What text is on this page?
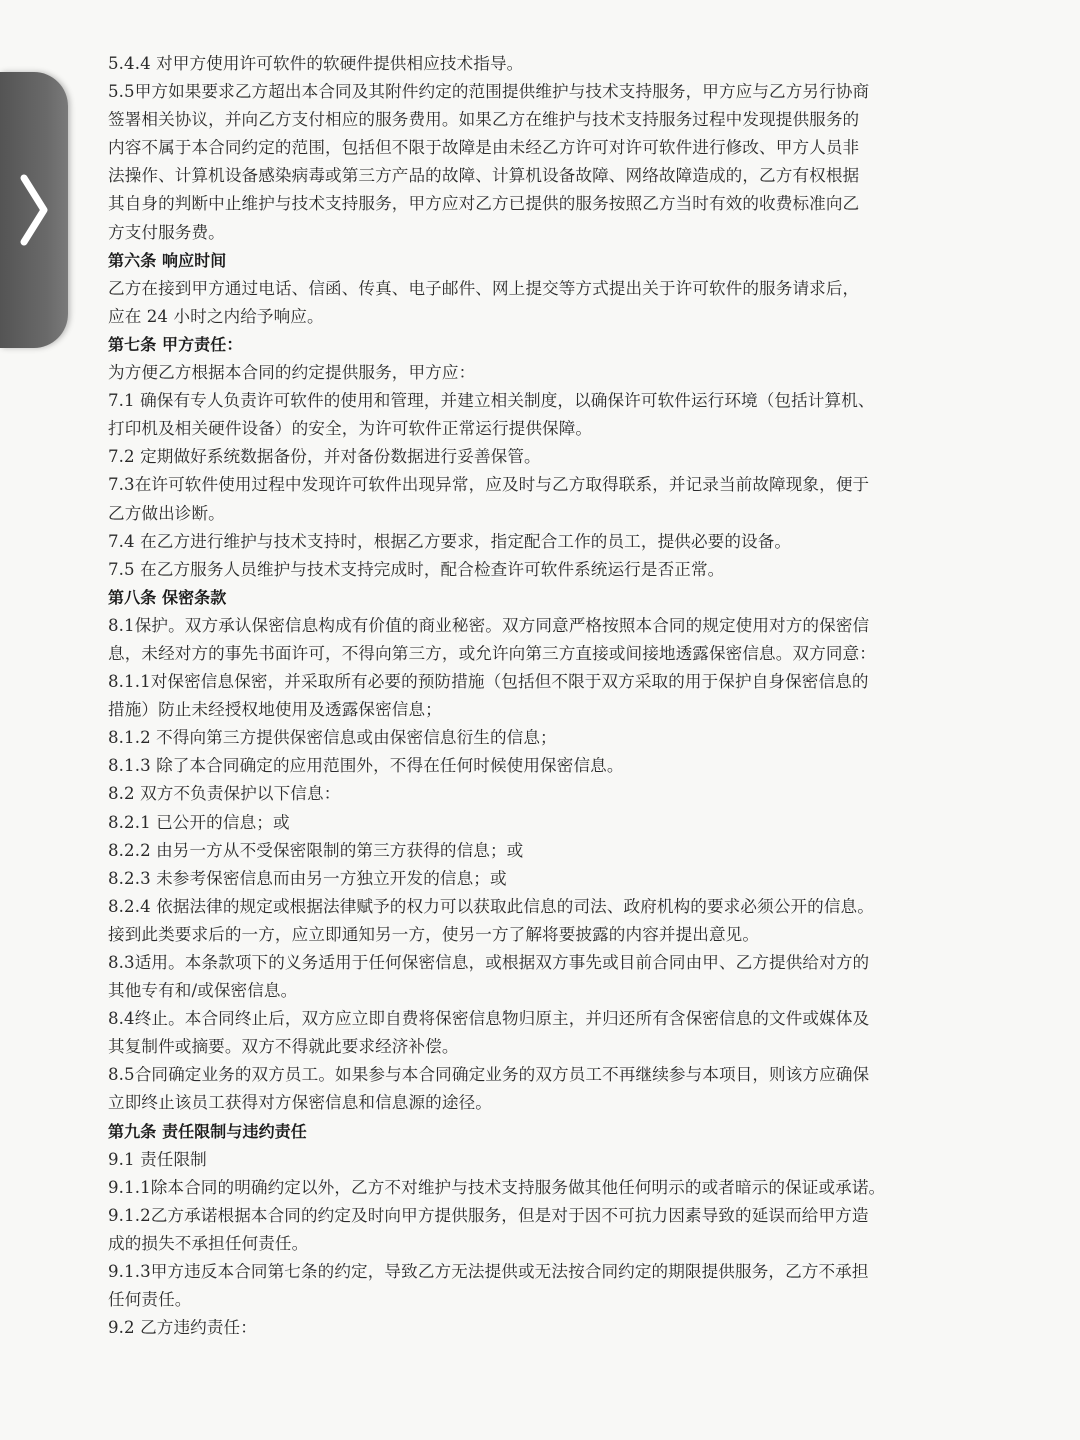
5.4.4 对甲方使用许可软件的软硬件提供相应技术指导。
5.5甲方如果要求乙方超出本合同及其附件约定的范围提供维护与技术支持服务，甲方应与乙方另行协商
签署相关协议，并向乙方支付相应的服务费用。如果乙方在维护与技术支持服务过程中发现提供服务的
内容不属于本合同约定的范围，包括但不限于故障是由未经乙方许可对许可软件进行修改、甲方人员非
法操作、计算机设备感染病毒或第三方产品的故障、计算机设备故障、网络故障造成的，乙方有权根据
其自身的判断中止维护与技术支持服务，甲方应对乙方已提供的服务按照乙方当时有效的收费标准向乙
方支付服务费。
第六条 响应时间
乙方在接到甲方通过电话、信函、传真、电子邮件、网上提交等方式提出关于许可软件的服务请求后，
应在 24 小时之内给予响应。
第七条 甲方责任：
为方便乙方根据本合同的约定提供服务，甲方应：
7.1 确保有专人负责许可软件的使用和管理，并建立相关制度，以确保许可软件运行环境（包括计算机、
打印机及相关硬件设备）的安全，为许可软件正常运行提供保障。
7.2 定期做好系统数据备份，并对备份数据进行妥善保管。
7.3在许可软件使用过程中发现许可软件出现异常，应及时与乙方取得联系，并记录当前故障现象，便于
乙方做出诊断。
7.4 在乙方进行维护与技术支持时，根据乙方要求，指定配合工作的员工，提供必要的设备。
7.5 在乙方服务人员维护与技术支持完成时，配合检查许可软件系统运行是否正常。
第八条 保密条款
8.1保护。双方承认保密信息构成有价值的商业秘密。双方同意严格按照本合同的规定使用对方的保密信
息，未经对方的事先书面许可，不得向第三方，或允许向第三方直接或间接地透露保密信息。双方同意：
8.1.1对保密信息保密，并采取所有必要的预防措施（包括但不限于双方采取的用于保护自身保密信息的
措施）防止未经授权地使用及透露保密信息；
8.1.2 不得向第三方提供保密信息或由保密信息衍生的信息；
8.1.3 除了本合同确定的应用范围外，不得在任何时候使用保密信息。
8.2 双方不负责保护以下信息：
8.2.1 已公开的信息；或
8.2.2 由另一方从不受保密限制的第三方获得的信息；或
8.2.3 未参考保密信息而由另一方独立开发的信息；或
8.2.4 依据法律的规定或根据法律赋予的权力可以获取此信息的司法、政府机构的要求必须公开的信息。
接到此类要求后的一方，应立即通知另一方，使另一方了解将要披露的内容并提出意见。
8.3适用。本条款项下的义务适用于任何保密信息，或根据双方事先或目前合同由甲、乙方提供给对方的
其他专有和/或保密信息。
8.4终止。本合同终止后，双方应立即自费将保密信息物归原主，并归还所有含保密信息的文件或媒体及
其复制件或摘要。双方不得就此要求经济补偿。
8.5合同确定业务的双方员工。如果参与本合同确定业务的双方员工不再继续参与本项目，则该方应确保
立即终止该员工获得对方保密信息和信息源的途径。
第九条 责任限制与违约责任
9.1 责任限制
9.1.1除本合同的明确约定以外，乙方不对维护与技术支持服务做其他任何明示的或者暗示的保证或承诺。
9.1.2乙方承诺根据本合同的约定及时向甲方提供服务，但是对于因不可抗力因素导致的延误而给甲方造
成的损失不承担任何责任。
9.1.3甲方违反本合同第七条的约定，导致乙方无法提供或无法按合同约定的期限提供服务，乙方不承担
任何责任。
9.2 乙方违约责任：
